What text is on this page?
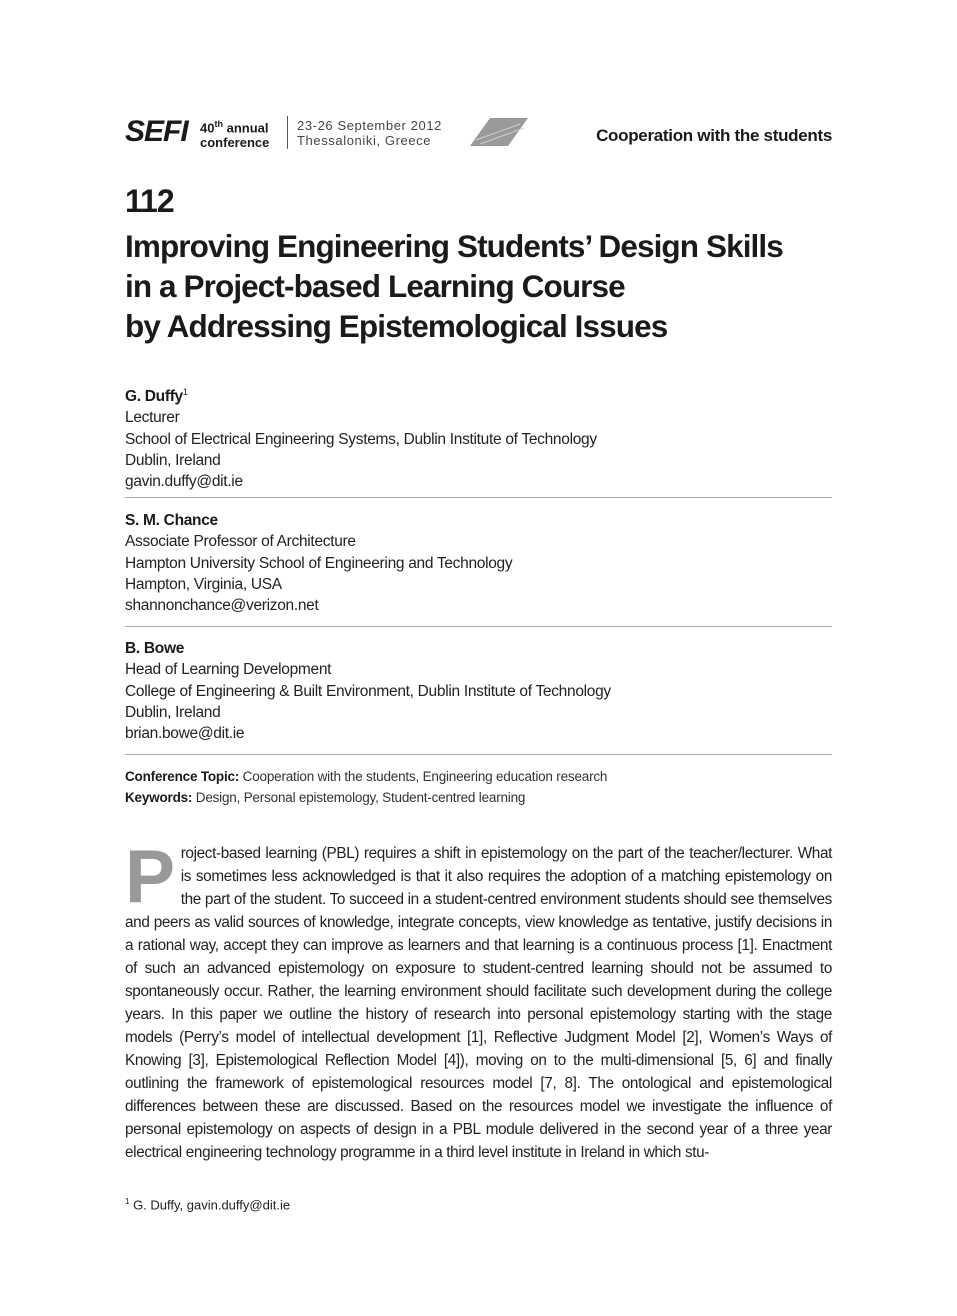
SEFI 40th annual
conference
23-26 September 2012
Thessaloniki, Greece	Cooperation with the students
112
Improving Engineering Students’ Design Skills
in a Project-based Learning Course
by Addressing Epistemological Issues
G. Duffy$^1$
Lecturer
School of Electrical Engineering Systems, Dublin Institute of Technology
Dublin, Ireland
gavin.duffy@dit.ie
S. M. Chance
Associate Professor of Architecture
Hampton University School of Engineering and Technology
Hampton, Virginia, USA
shannonchance@verizon.net
B. Bowe
Head of Learning Development
College of Engineering & Built Environment, Dublin Institute of Technology
Dublin, Ireland
brian.bowe@dit.ie
Conference Topic: Cooperation with the students, Engineering education research
Keywords: Design, Personal epistemology, Student-centred learning
Project-based learning (PBL) requires a shift in epistemology on the part of the teacher/lecturer. What is sometimes less acknowledged is that it also requires the adoption of a matching epistemology on the part of the student. To succeed in a student-centred environment students should see themselves and peers as valid sources of knowledge, integrate concepts, view knowledge as tentative, justify decisions in a rational way, accept they can improve as learners and that learning is a continuous process [1]. Enactment of such an advanced epistemology on exposure to student-centred learning should not be assumed to spontaneously occur. Rather, the learning environment should facilitate such development during the college years. In this paper we outline the history of research into personal epistemology starting with the stage models (Perry’s model of intellectual development [1], Reflective Judgment Model [2], Women’s Ways of Knowing [3], Epistemological Reflection Model [4]), moving on to the multi-dimensional [5, 6] and finally outlining the framework of epistemological resources model [7, 8]. The ontological and epistemological differences between these are discussed. Based on the resources model we investigate the influence of personal epistemology on aspects of design in a PBL module delivered in the second year of a three year electrical engineering technology programme in a third level institute in Ireland in which stu-
$^1$ G. Duffy, gavin.duffy@dit.ie
